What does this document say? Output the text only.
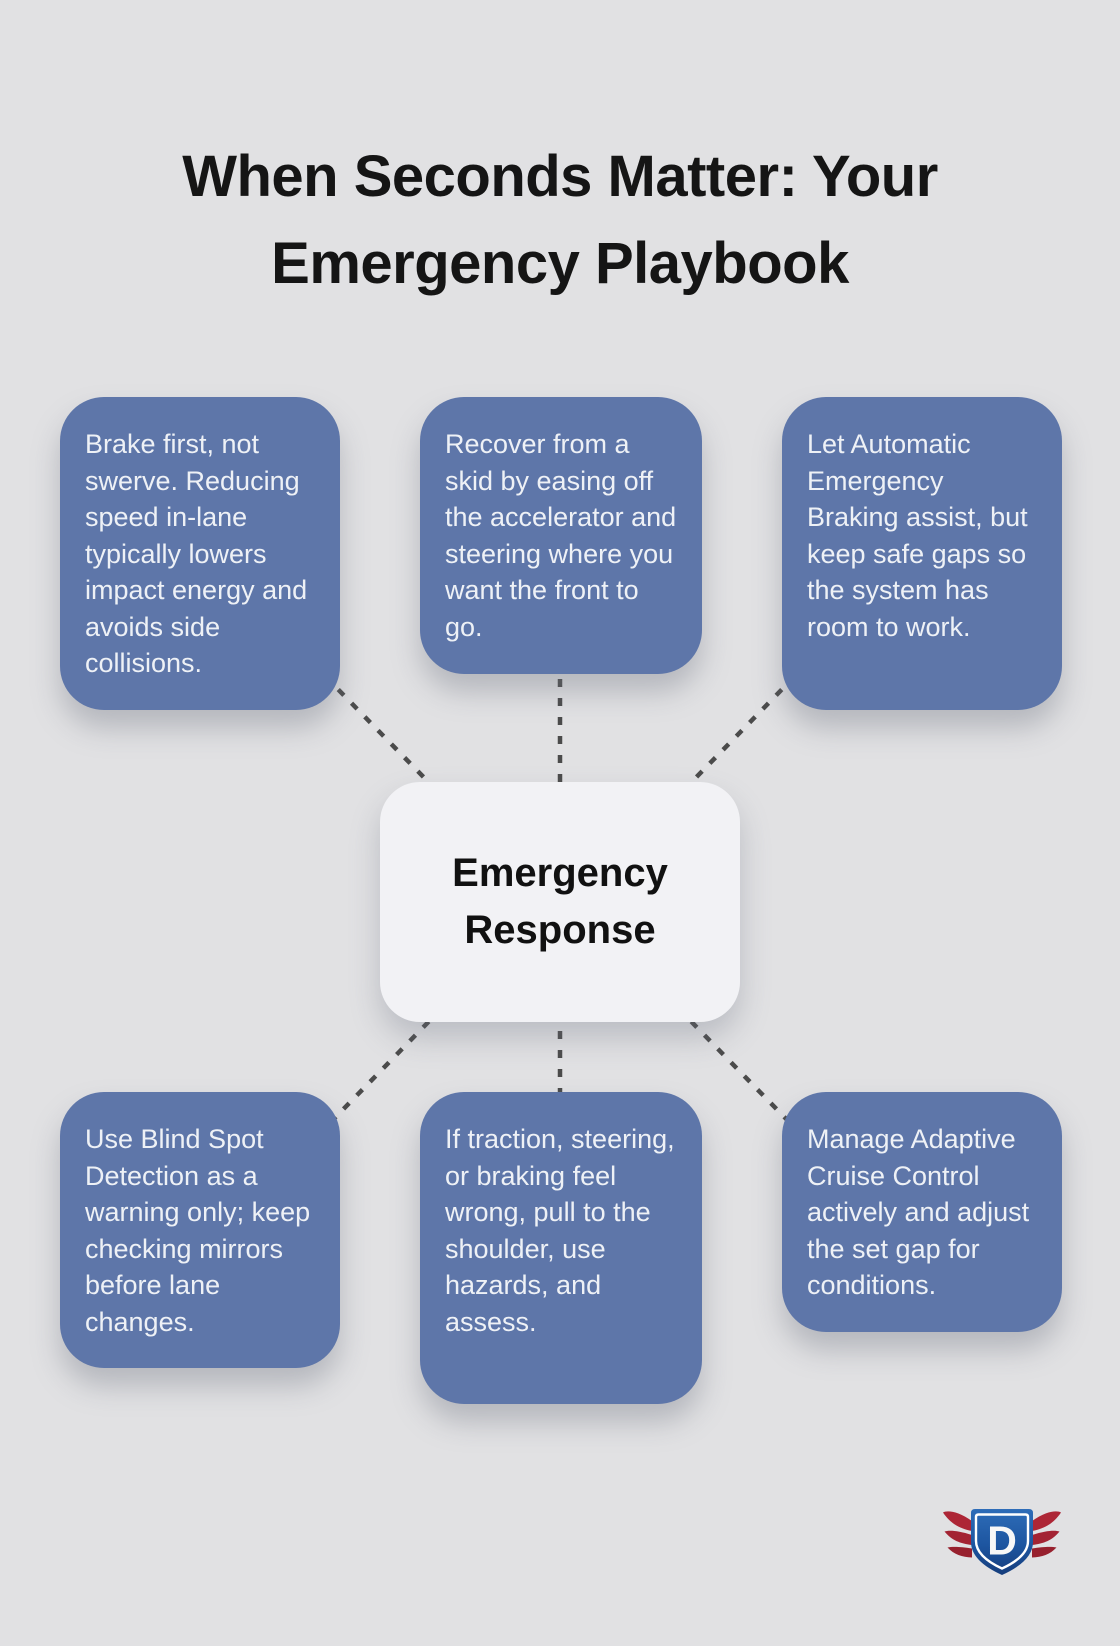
When Seconds Matter: Your Emergency Playbook
Brake first, not swerve. Reducing speed in-lane typically lowers impact energy and avoids side collisions.
Recover from a skid by easing off the accelerator and steering where you want the front to go.
Let Automatic Emergency Braking assist, but keep safe gaps so the system has room to work.
Use Blind Spot Detection as a warning only; keep checking mirrors before lane changes.
If traction, steering, or braking feel wrong, pull to the shoulder, use hazards, and assess.
Manage Adaptive Cruise Control actively and adjust the set gap for conditions.
Emergency Response
D
